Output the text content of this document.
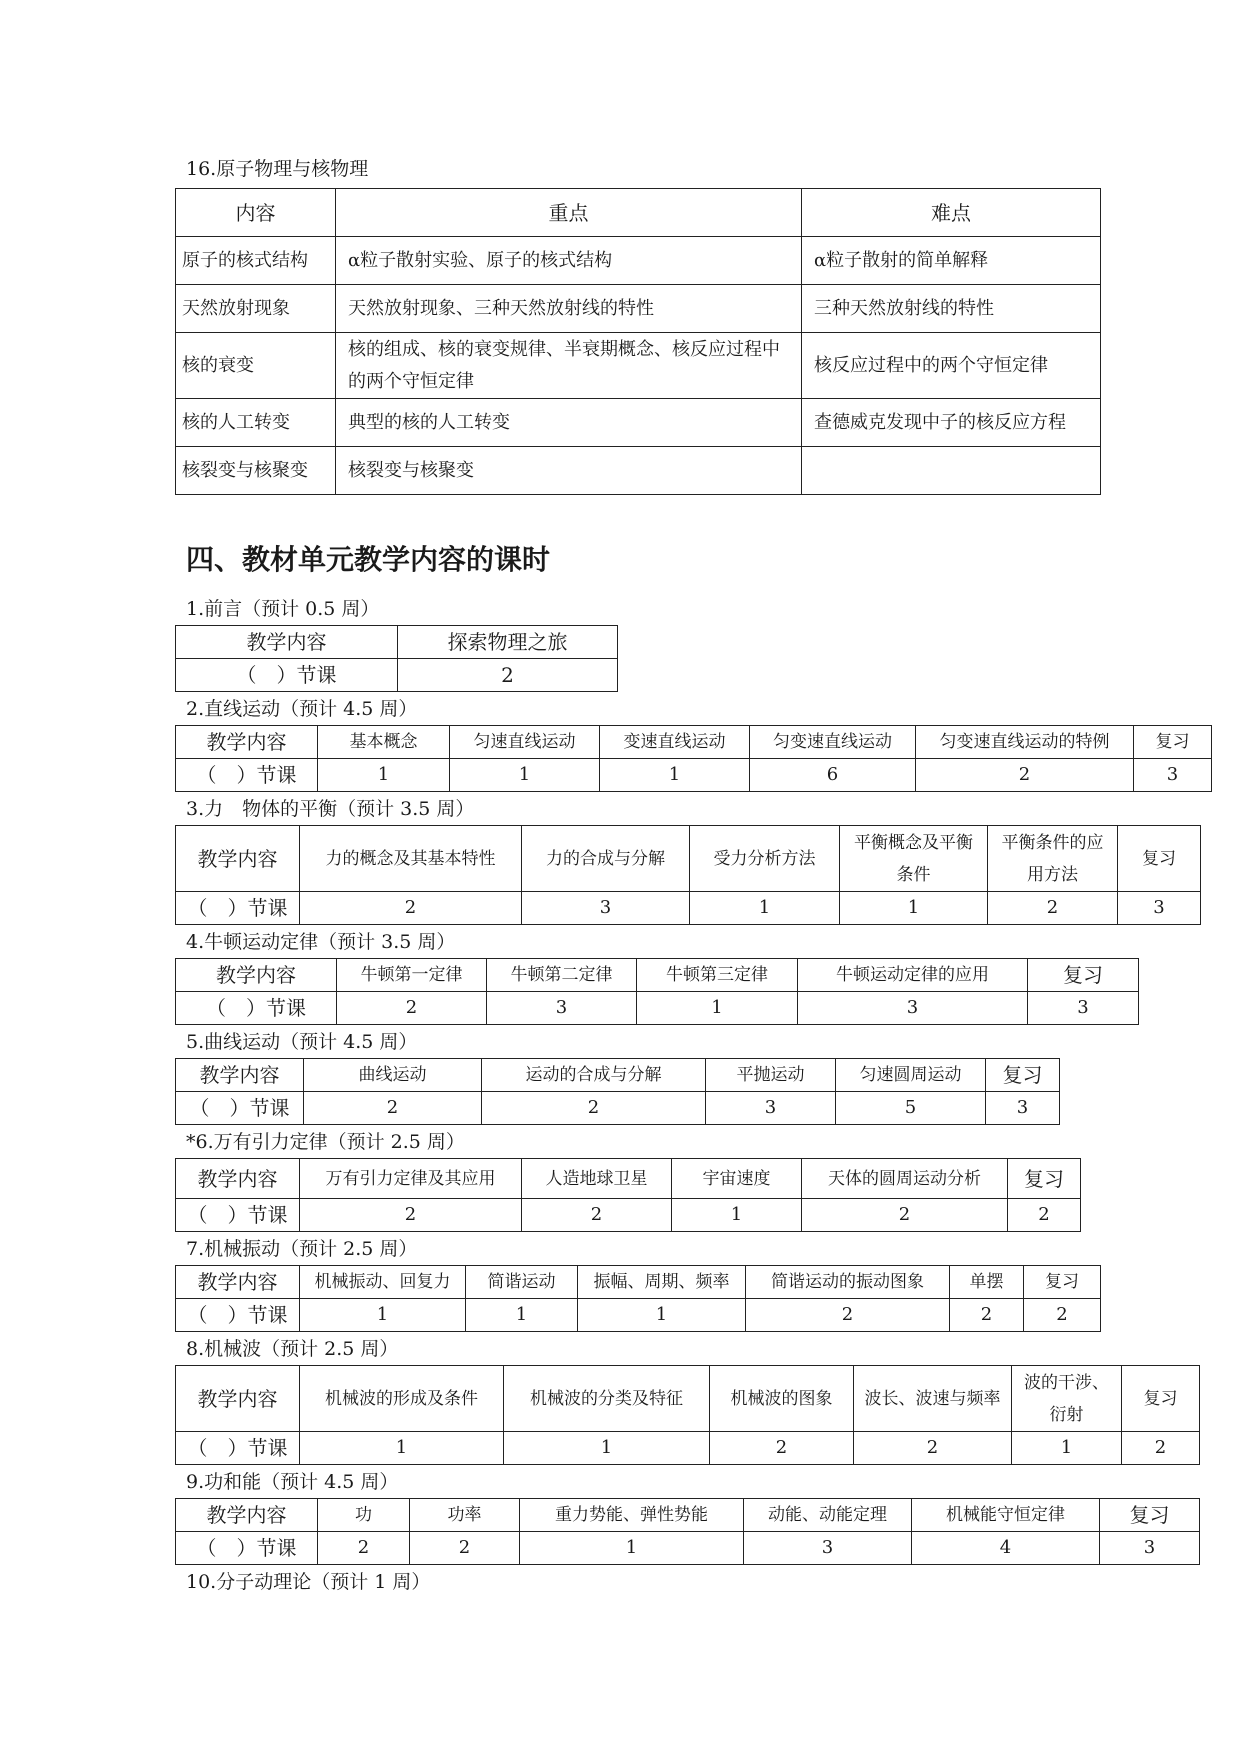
16.原子物理与核物理
内容	重点	难点
原子的核式结构	α粒子散射实验、原子的核式结构	α粒子散射的简单解释
天然放射现象	天然放射现象、三种天然放射线的特性	三种天然放射线的特性
核的衰变	核的组成、核的衰变规律、半衰期概念、核反应过程中的两个守恒定律	核反应过程中的两个守恒定律
核的人工转变	典型的核的人工转变	查德威克发现中子的核反应方程
核裂变与核聚变	核裂变与核聚变	
四、教材单元教学内容的课时
1.前言（预计 0.5 周）
教学内容	探索物理之旅
（　）节课	2
2.直线运动（预计 4.5 周）
教学内容	基本概念	匀速直线运动	变速直线运动	匀变速直线运动	匀变速直线运动的特例	复习
（　）节课	1	1	1	6	2	3
3.力　物体的平衡（预计 3.5 周）
教学内容	力的概念及其基本特性	力的合成与分解	受力分析方法	平衡概念及平衡条件	平衡条件的应用方法	复习
（　）节课	2	3	1	1	2	3
4.牛顿运动定律（预计 3.5 周）
教学内容	牛顿第一定律	牛顿第二定律	牛顿第三定律	牛顿运动定律的应用	复习
（　）节课	2	3	1	3	3
5.曲线运动（预计 4.5 周）
教学内容	曲线运动	运动的合成与分解	平抛运动	匀速圆周运动	复习
（　）节课	2	2	3	5	3
*6.万有引力定律（预计 2.5 周）
教学内容	万有引力定律及其应用	人造地球卫星	宇宙速度	天体的圆周运动分析	复习
（　）节课	2	2	1	2	2
7.机械振动（预计 2.5 周）
教学内容	机械振动、回复力	简谐运动	振幅、周期、频率	简谐运动的振动图象	单摆	复习
（　）节课	1	1	1	2	2	2
8.机械波（预计 2.5 周）
教学内容	机械波的形成及条件	机械波的分类及特征	机械波的图象	波长、波速与频率	波的干涉、衍射	复习
（　）节课	1	1	2	2	1	2
9.功和能（预计 4.5 周）
教学内容	功	功率	重力势能、弹性势能	动能、动能定理	机械能守恒定律	复习
（　）节课	2	2	1	3	4	3
10.分子动理论（预计 1 周）
